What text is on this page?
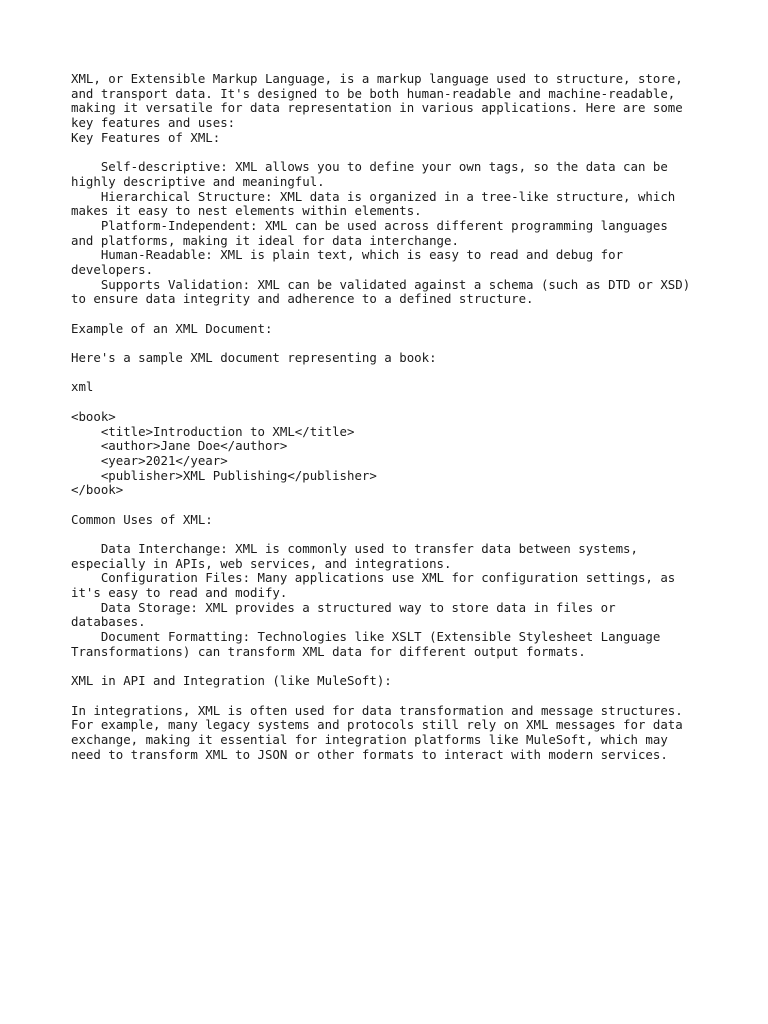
XML, or Extensible Markup Language, is a markup language used to structure, store,
and transport data. It's designed to be both human-readable and machine-readable,
making it versatile for data representation in various applications. Here are some
key features and uses:
Key Features of XML:
Self-descriptive: XML allows you to define your own tags, so the data can be
highly descriptive and meaningful.
Hierarchical Structure: XML data is organized in a tree-like structure, which
makes it easy to nest elements within elements.
Platform-Independent: XML can be used across different programming languages
and platforms, making it ideal for data interchange.
Human-Readable: XML is plain text, which is easy to read and debug for
developers.
Supports Validation: XML can be validated against a schema (such as DTD or XSD)
to ensure data integrity and adherence to a defined structure.
Example of an XML Document:
Here's a sample XML document representing a book:
xml
<book>
<title>Introduction to XML</title>
<author>Jane Doe</author>
<year>2021</year>
<publisher>XML Publishing</publisher>
</book>
Common Uses of XML:
Data Interchange: XML is commonly used to transfer data between systems,
especially in APIs, web services, and integrations.
Configuration Files: Many applications use XML for configuration settings, as
it's easy to read and modify.
Data Storage: XML provides a structured way to store data in files or
databases.
Document Formatting: Technologies like XSLT (Extensible Stylesheet Language
Transformations) can transform XML data for different output formats.
XML in API and Integration (like MuleSoft):
In integrations, XML is often used for data transformation and message structures.
For example, many legacy systems and protocols still rely on XML messages for data
exchange, making it essential for integration platforms like MuleSoft, which may
need to transform XML to JSON or other formats to interact with modern services.
